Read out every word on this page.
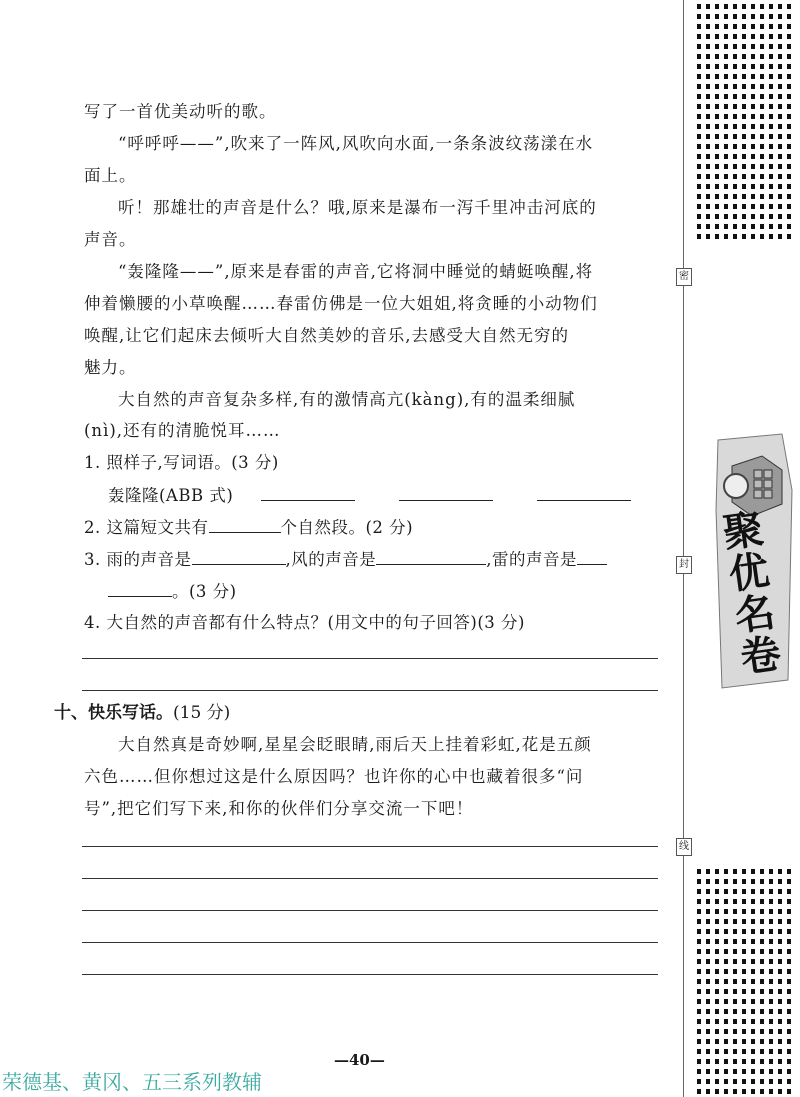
写了一首优美动听的歌。
“呼呼呼——”,吹来了一阵风,风吹向水面,一条条波纹荡漾在水
面上。
听！那雄壮的声音是什么？哦,原来是瀑布一泻千里冲击河底的
声音。
“轰隆隆——”,原来是春雷的声音,它将洞中睡觉的蜻蜓唤醒,将
伸着懒腰的小草唤醒……春雷仿佛是一位大姐姐,将贪睡的小动物们
唤醒,让它们起床去倾听大自然美妙的音乐,去感受大自然无穷的
魅力。
大自然的声音复杂多样,有的激情高亢(kàng),有的温柔细腻
(nì),还有的清脆悦耳……
1. 照样子,写词语。(3 分)
轰隆隆(ABB 式)
2. 这篇短文共有	个自然段。(2 分)
3. 雨的声音是	,风的声音是	,雷的声音是
。(3 分)
4. 大自然的声音都有什么特点？(用文中的句子回答)(3 分)
十、快乐写话。(15 分)
大自然真是奇妙啊,星星会眨眼睛,雨后天上挂着彩虹,花是五颜
六色……但你想过这是什么原因吗？也许你的心中也藏着很多“问
号”,把它们写下来,和你的伙伴们分享交流一下吧！
密
封
线
聚优名卷
—40—
荣德基、黄冈、五三系列教辅
